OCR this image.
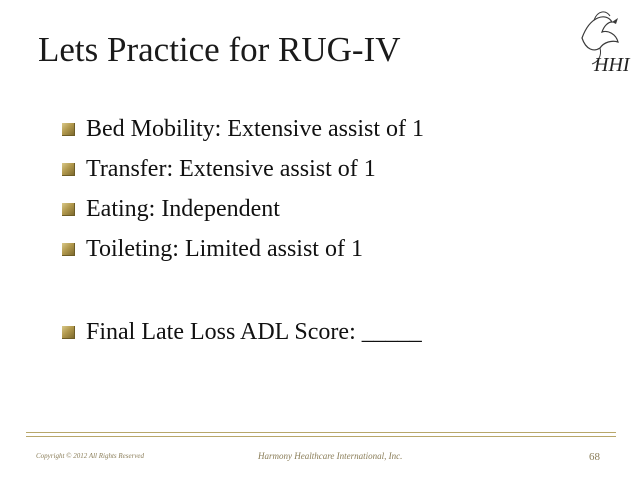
Lets Practice for RUG-IV	HHI
Bed Mobility: Extensive assist of 1
Transfer: Extensive assist of 1
Eating: Independent
Toileting: Limited assist of 1
Final Late Loss ADL Score: _____
Copyright © 2012 All Rights Reserved	Harmony Healthcare International, Inc.	68
